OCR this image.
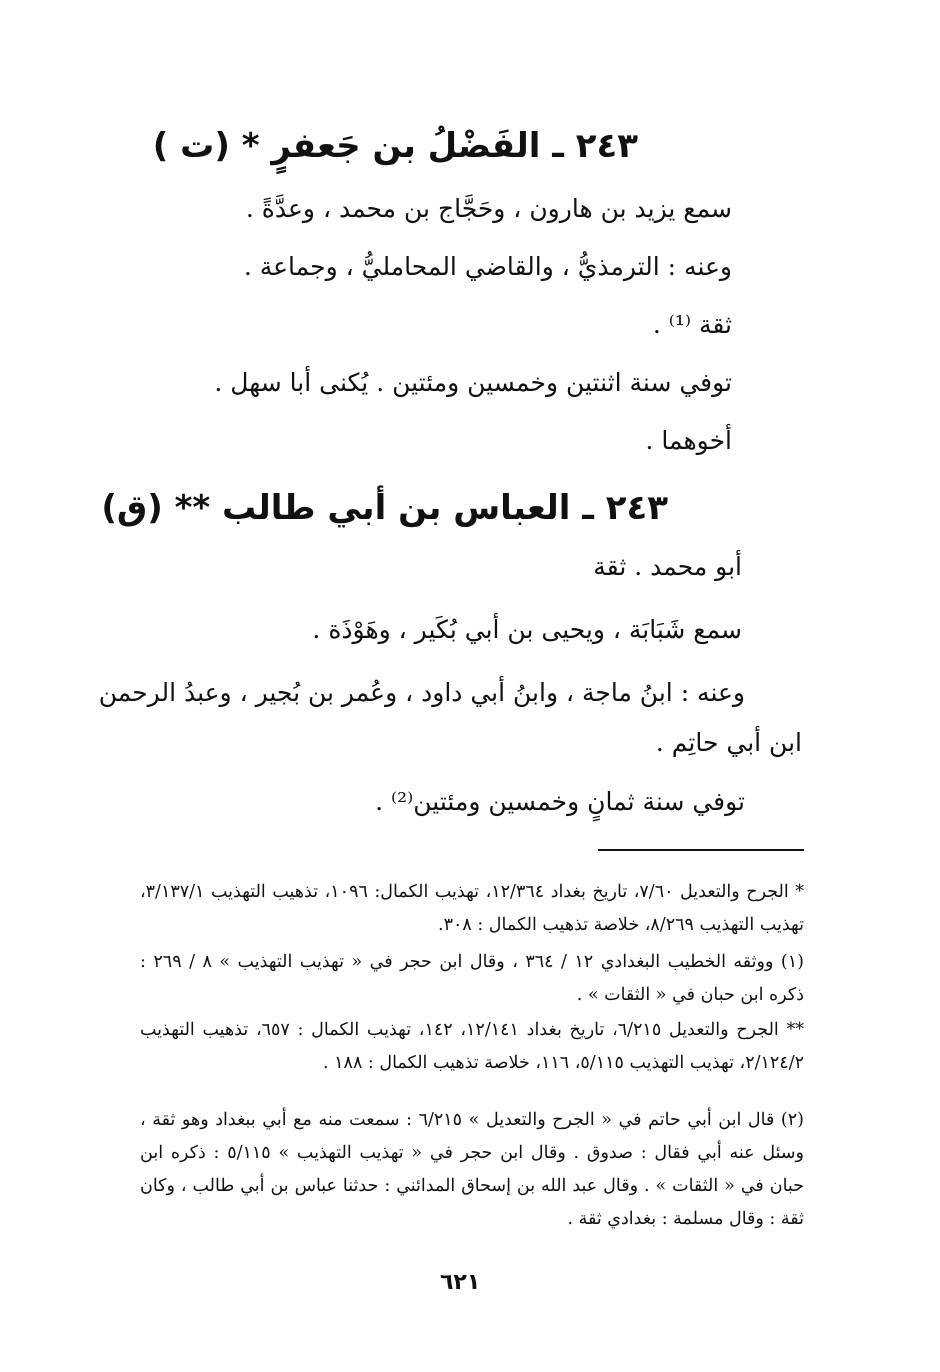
٢٤٣ ـ الفَضْلُ بن جَعفرٍ * (ت )
سمع يزيد بن هارون ، وحَجَّاج بن محمد ، وعدَّةً .
وعنه : الترمذيُّ ، والقاضي المحامليُّ ، وجماعة .
ثقة ⁽¹⁾ .
توفي سنة اثنتين وخمسين ومئتين . يُكنى أبا سهل .
أخوهما .
٢٤٣ ـ العباس بن أبي طالب ** (ق)
أبو محمد . ثقة
سمع شَبَابَة ، ويحيى بن أبي بُكَير ، وهَوْذَة .
وعنه : ابنُ ماجة ، وابنُ أبي داود ، وعُمر بن بُجير ، وعبدُ الرحمن
ابن أبي حاتِم .
توفي سنة ثمانٍ وخمسين ومئتين⁽²⁾ .
* الجرح والتعديل ٧/٦٠، تاريخ بغداد ١٢/٣٦٤، تهذيب الكمال: ١٠٩٦، تذهيب التهذيب ٣/١٣٧/١، تهذيب التهذيب ٨/٢٦٩، خلاصة تذهيب الكمال : ٣٠٨.
(١) ووثقه الخطيب البغدادي ١٢ / ٣٦٤ ، وقال ابن حجر في « تهذيب التهذيب » ٨ / ٢٦٩ : ذكره ابن حبان في « الثقات » .
** الجرح والتعديل ٦/٢١٥، تاريخ بغداد ١٢/١٤١، ١٤٢، تهذيب الكمال : ٦٥٧، تذهيب التهذيب ٢/١٢٤/٢، تهذيب التهذيب ٥/١١٥، ١١٦، خلاصة تذهيب الكمال : ١٨٨ .
(٢) قال ابن أبي حاتم في « الجرح والتعديل » ٦/٢١٥ : سمعت منه مع أبي ببغداد وهو ثقة ، وسئل عنه أبي فقال : صدوق . وقال ابن حجر في « تهذيب التهذيب » ٥/١١٥ : ذكره ابن حبان في « الثقات » . وقال عبد الله بن إسحاق المدائني : حدثنا عباس بن أبي طالب ، وكان ثقة : وقال مسلمة : بغدادي ثقة .
٦٢١
